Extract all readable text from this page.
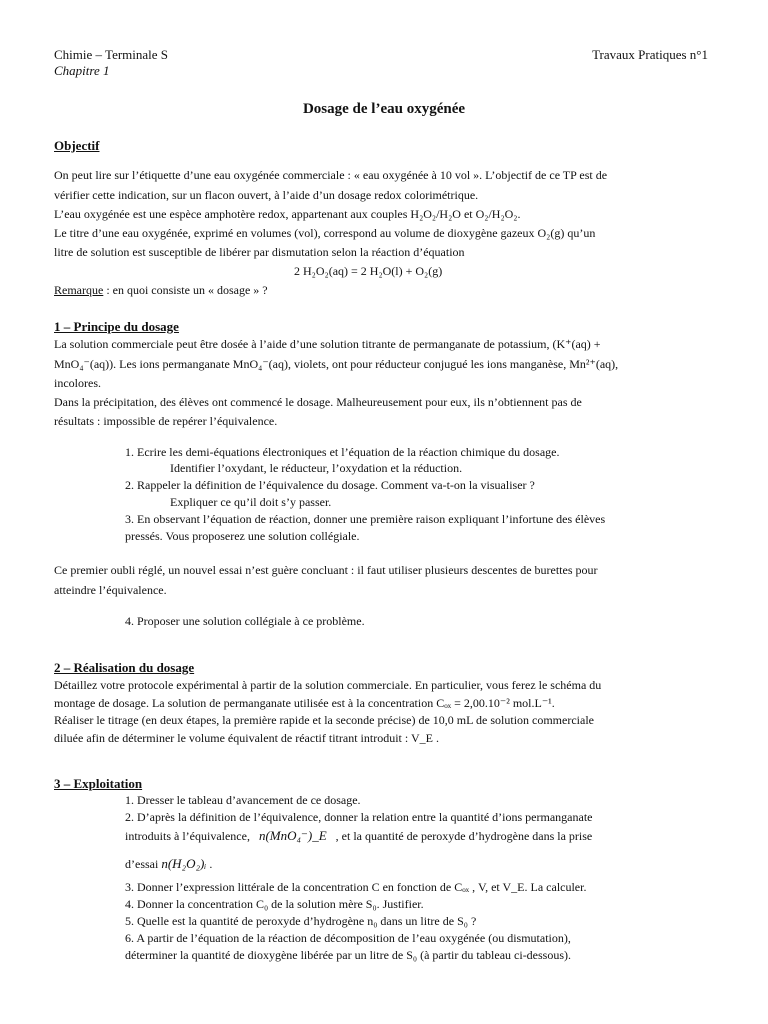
Chimie – Terminale S
Chapitre 1
Travaux Pratiques n°1
Dosage de l’eau oxygénée
Objectif
On peut lire sur l’étiquette d’une eau oxygénée commerciale : « eau oxygénée à 10 vol ». L’objectif de ce TP est de
vérifier cette indication, sur un flacon ouvert, à l’aide d’un dosage redox colorimétrique.
L’eau oxygénée est une espèce amphotère redox, appartenant aux couples H₂O₂/H₂O et O₂/H₂O₂.
Le titre d’une eau oxygénée, exprimé en volumes (vol), correspond au volume de dioxygène gazeux O₂(g) qu’un
litre de solution est susceptible de libérer par dismutation selon la réaction d’équation
2 H₂O₂(aq) = 2 H₂O(l) + O₂(g)
Remarque : en quoi consiste un « dosage » ?
1 – Principe du dosage
La solution commerciale peut être dosée à l’aide d’une solution titrante de permanganate de potassium, (K⁺(aq) +
MnO₄⁻(aq)). Les ions permanganate MnO₄⁻(aq), violets, ont pour réducteur conjugué les ions manganèse, Mn²⁺(aq),
incolores.
Dans la précipitation, des élèves ont commencé le dosage. Malheureusement pour eux, ils n’obtiennent pas de
résultats : impossible de repérer l’équivalence.
1. Ecrire les demi-équations électroniques et l’équation de la réaction chimique du dosage.
Identifier l’oxydant, le réducteur, l’oxydation et la réduction.
2. Rappeler la définition de l’équivalence du dosage. Comment va-t-on la visualiser ?
Expliquer ce qu’il doit s’y passer.
3. En observant l’équation de réaction, donner une première raison expliquant l’infortune des élèves
pressés. Vous proposerez une solution collégiale.
Ce premier oubli réglé, un nouvel essai n’est guère concluant : il faut utiliser plusieurs descentes de burettes pour
atteindre l’équivalence.
4. Proposer une solution collégiale à ce problème.
2 – Réalisation du dosage
Détaillez votre protocole expérimental à partir de la solution commerciale. En particulier, vous ferez le schéma du
montage de dosage. La solution de permanganate utilisée est à la concentration Cₒₓ = 2,00.10⁻² mol.L⁻¹.
Réaliser le titrage (en deux étapes, la première rapide et la seconde précise) de 10,0 mL de solution commerciale
diluée afin de déterminer le volume équivalent de réactif titrant introduit : V_E .
3 – Exploitation
1. Dresser le tableau d’avancement de ce dosage.
2. D’après la définition de l’équivalence, donner la relation entre la quantité d’ions permanganate
introduits à l’équivalence, n(MnO₄⁻)_E , et la quantité de peroxyde d’hydrogène dans la prise
d’essai n(H₂O₂)ᵢ .
3. Donner l’expression littérale de la concentration C en fonction de Cₒₓ , V, et V_E. La calculer.
4. Donner la concentration C₀ de la solution mère S₀. Justifier.
5. Quelle est la quantité de peroxyde d’hydrogène n₀ dans un litre de S₀ ?
6. A partir de l’équation de la réaction de décomposition de l’eau oxygénée (ou dismutation),
déterminer la quantité de dioxygène libérée par un litre de S₀ (à partir du tableau ci-dessous).
